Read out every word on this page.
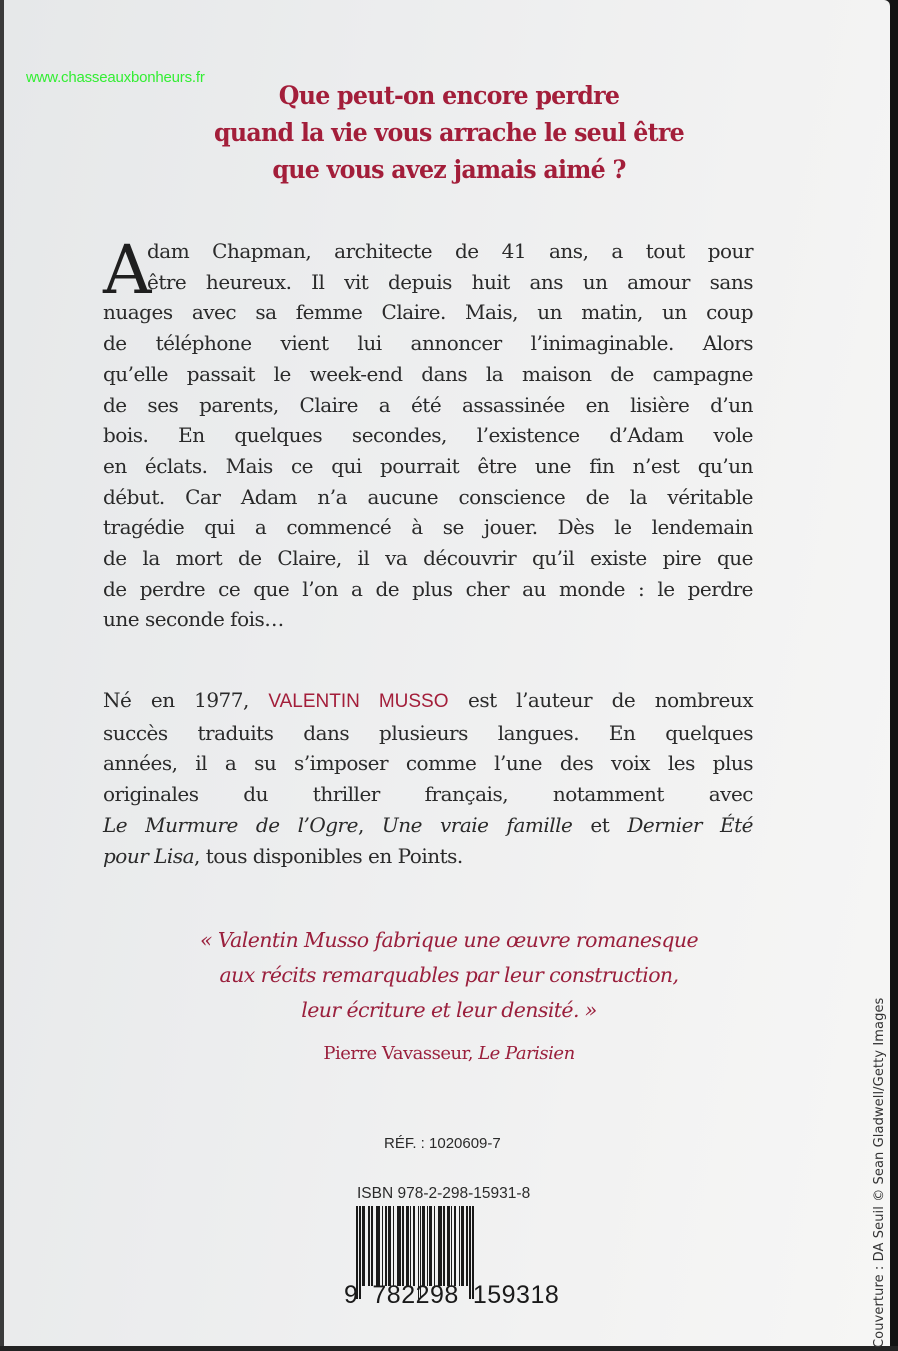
www.chasseauxbonheurs.fr
Que peut-on encore perdre
quand la vie vous arrache le seul être
que vous avez jamais aimé ?
A
dam Chapman, architecte de 41 ans, a tout pour
être heureux. Il vit depuis huit ans un amour sans
nuages avec sa femme Claire. Mais, un matin, un coup
de téléphone vient lui annoncer l’inimaginable. Alors
qu’elle passait le week-end dans la maison de campagne
de ses parents, Claire a été assassinée en lisière d’un
bois. En quelques secondes, l’existence d’Adam vole
en éclats. Mais ce qui pourrait être une fin n’est qu’un
début. Car Adam n’a aucune conscience de la véritable
tragédie qui a commencé à se jouer. Dès le lendemain
de la mort de Claire, il va découvrir qu’il existe pire que
de perdre ce que l’on a de plus cher au monde : le perdre
une seconde fois…
Né en 1977, VALENTIN MUSSO est l’auteur de nombreux
succès traduits dans plusieurs langues. En quelques
années, il a su s’imposer comme l’une des voix les plus
originales du thriller français, notamment avec
Le Murmure de l’Ogre, Une vraie famille et Dernier Été
pour Lisa, tous disponibles en Points.
« Valentin Musso fabrique une œuvre romanesque
aux récits remarquables par leur construction,
leur écriture et leur densité. »
Pierre Vavasseur, Le Parisien
RÉF. : 1020609-7
ISBN 978-2-298-15931-8
9 782298 159318	Couverture : DA Seuil © Sean Gladwell/Getty Images
